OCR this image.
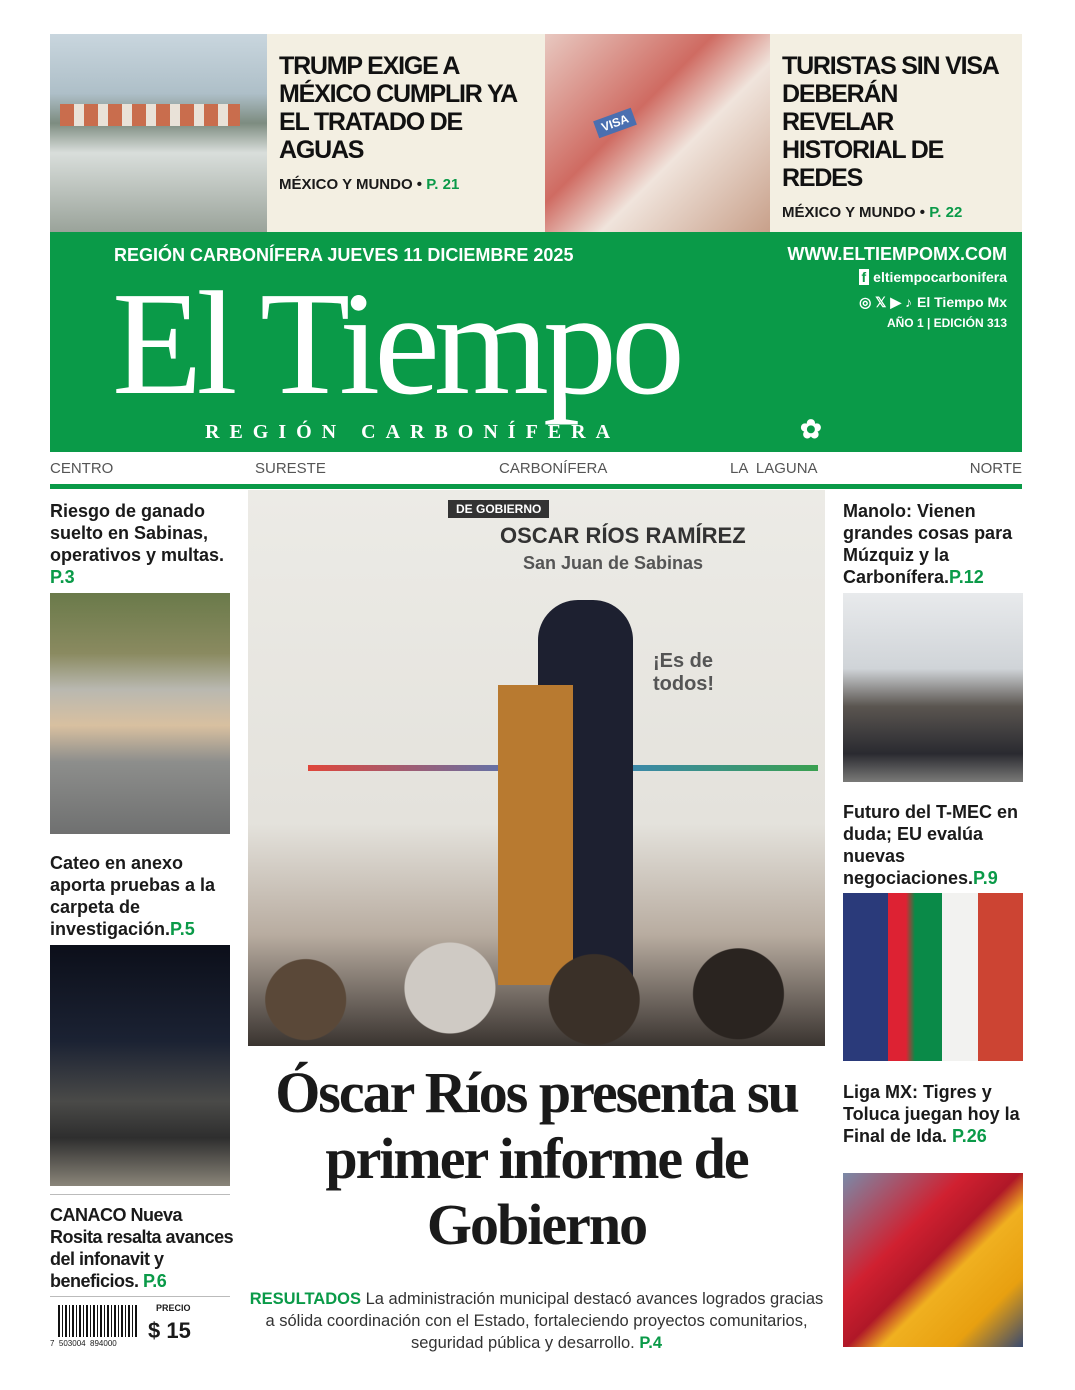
TRUMP EXIGE A MÉXICO CUMPLIR YA EL TRATADO DE AGUAS
MÉXICO Y MUNDO • P. 21
VISA
TURISTAS SIN VISA DEBERÁN REVELAR HISTORIAL DE REDES
MÉXICO Y MUNDO • P. 22
REGIÓN CARBONÍFERA JUEVES 11 DICIEMBRE 2025
El Tiempo
REGIÓN CARBONÍFERA	✿
WWW.ELTIEMPOMX.COM
f eltiempocarbonifera
◎ 𝕏 ▶ ♪ El Tiempo Mx
AÑO 1 | EDICIÓN 313
CENTRO	SURESTE	CARBONÍFERA	LA  LAGUNA	NORTE
Riesgo de ganado suelto en Sabinas, operativos y multas. P.3
Cateo en anexo aporta pruebas a la carpeta de investigación.P.5
CANACO Nueva Rosita resalta avances del infonavit y beneficios. P.6
7  503004  894000
PRECIO
$ 15
DE GOBIERNO
OSCAR RÍOS RAMÍREZ
San Juan de Sabinas
¡Es de todos!
Óscar Ríos presenta su primer informe de Gobierno
RESULTADOS La administración municipal destacó avances logrados gracias a sólida coordinación con el Estado, fortaleciendo proyectos comunitarios, seguridad pública y desarrollo. P.4
Manolo: Vienen grandes cosas para Múzquiz y la Carbonífera.P.12
Futuro del T-MEC en duda; EU evalúa nuevas negociaciones.P.9
Liga MX: Tigres y Toluca juegan hoy la Final de Ida. P.26
